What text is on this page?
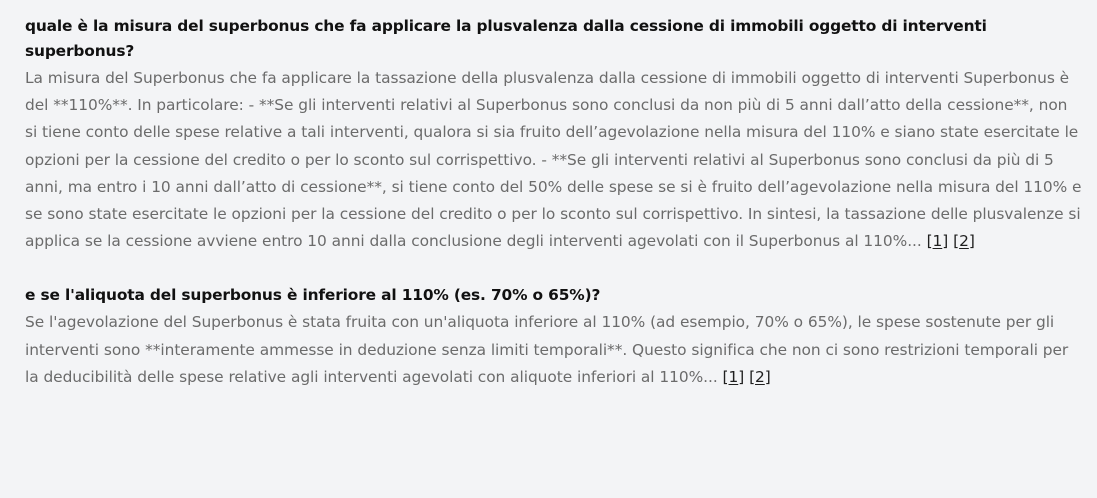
quale è la misura del superbonus che fa applicare la plusvalenza dalla cessione di immobili oggetto di interventi superbonus?

La misura del Superbonus che fa applicare la tassazione della plusvalenza dalla cessione di immobili oggetto di interventi Superbonus è del **110%**. In particolare: - **Se gli interventi relativi al Superbonus sono conclusi da non più di 5 anni dall’atto della cessione**, non si tiene conto delle spese relative a tali interventi, qualora si sia fruito dell’agevolazione nella misura del 110% e siano state esercitate le opzioni per la cessione del credito o per lo sconto sul corrispettivo. - **Se gli interventi relativi al Superbonus sono conclusi da più di 5 anni, ma entro i 10 anni dall’atto di cessione**, si tiene conto del 50% delle spese se si è fruito dell’agevolazione nella misura del 110% e se sono state esercitate le opzioni per la cessione del credito o per lo sconto sul corrispettivo. In sintesi, la tassazione delle plusvalenze si applica se la cessione avviene entro 10 anni dalla conclusione degli interventi agevolati con il Superbonus al 110%... [1] [2]

e se l'aliquota del superbonus è inferiore al 110% (es. 70% o 65%)?

Se l'agevolazione del Superbonus è stata fruita con un'aliquota inferiore al 110% (ad esempio, 70% o 65%), le spese sostenute per gli interventi sono **interamente ammesse in deduzione senza limiti temporali**. Questo significa che non ci sono restrizioni temporali per la deducibilità delle spese relative agli interventi agevolati con aliquote inferiori al 110%... [1] [2]
